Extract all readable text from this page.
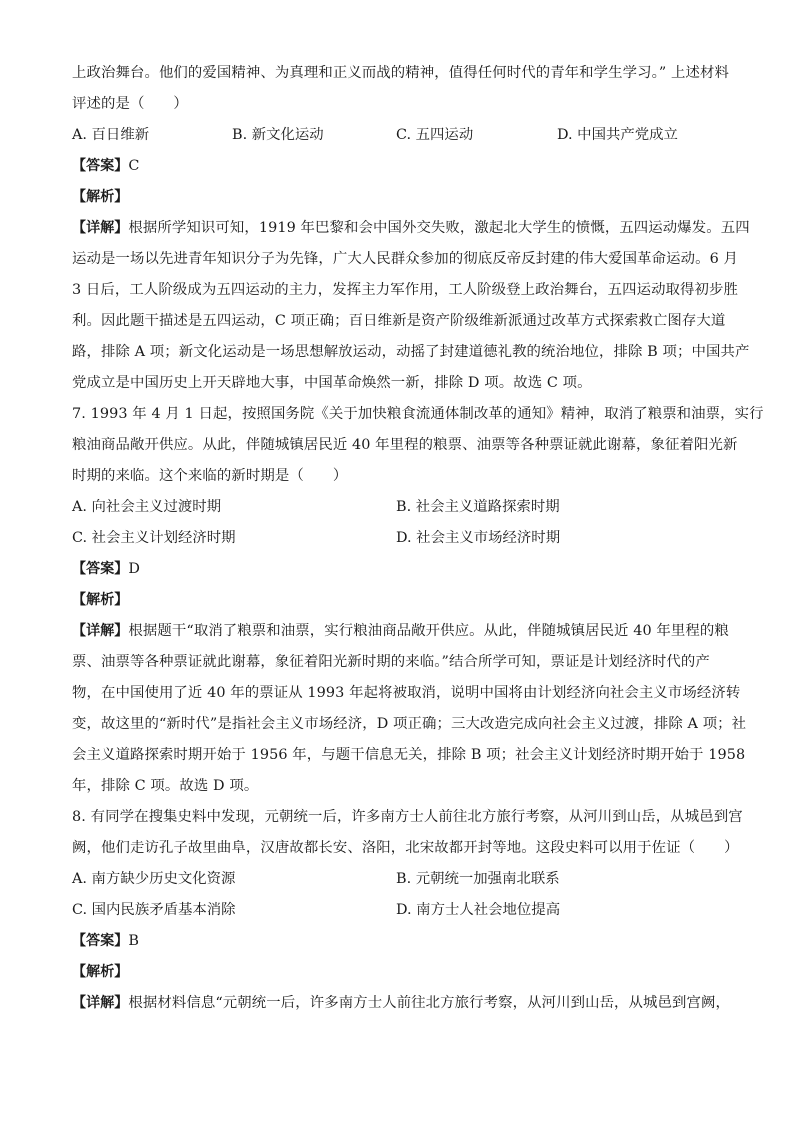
上政治舞台。他们的爱国精神、为真理和正义而战的精神，值得任何时代的青年和学生学习。” 上述材料
评述的是（　　）
A. 百日维新	B. 新文化运动	C. 五四运动	D. 中国共产党成立
【答案】C
【解析】
【详解】根据所学知识可知，1919 年巴黎和会中国外交失败，激起北大学生的愤慨，五四运动爆发。五四
运动是一场以先进青年知识分子为先锋，广大人民群众参加的彻底反帝反封建的伟大爱国革命运动。6 月
3 日后，工人阶级成为五四运动的主力，发挥主力军作用，工人阶级登上政治舞台，五四运动取得初步胜
利。因此题干描述是五四运动，C 项正确；百日维新是资产阶级维新派通过改革方式探索救亡图存大道
路，排除 A 项；新文化运动是一场思想解放运动，动摇了封建道德礼教的统治地位，排除 B 项；中国共产
党成立是中国历史上开天辟地大事，中国革命焕然一新，排除 D 项。故选 C 项。
7. 1993 年 4 月 1 日起，按照国务院《关于加快粮食流通体制改革的通知》精神，取消了粮票和油票，实行
粮油商品敞开供应。从此，伴随城镇居民近 40 年里程的粮票、油票等各种票证就此谢幕，象征着阳光新
时期的来临。这个来临的新时期是（　　）
A. 向社会主义过渡时期	B. 社会主义道路探索时期
C. 社会主义计划经济时期	D. 社会主义市场经济时期
【答案】D
【解析】
【详解】根据题干“取消了粮票和油票，实行粮油商品敞开供应。从此，伴随城镇居民近 40 年里程的粮
票、油票等各种票证就此谢幕，象征着阳光新时期的来临。”结合所学可知，票证是计划经济时代的产
物，在中国使用了近 40 年的票证从 1993 年起将被取消，说明中国将由计划经济向社会主义市场经济转
变，故这里的“新时代”是指社会主义市场经济，D 项正确；三大改造完成向社会主义过渡，排除 A 项；社
会主义道路探索时期开始于 1956 年，与题干信息无关，排除 B 项；社会主义计划经济时期开始于 1958
年，排除 C 项。故选 D 项。
8. 有同学在搜集史料中发现，元朝统一后，许多南方士人前往北方旅行考察，从河川到山岳，从城邑到宫
阙，他们走访孔子故里曲阜，汉唐故都长安、洛阳，北宋故都开封等地。这段史料可以用于佐证（　　）
A. 南方缺少历史文化资源	B. 元朝统一加强南北联系
C. 国内民族矛盾基本消除	D. 南方士人社会地位提高
【答案】B
【解析】
【详解】根据材料信息“元朝统一后，许多南方士人前往北方旅行考察，从河川到山岳，从城邑到宫阙，
